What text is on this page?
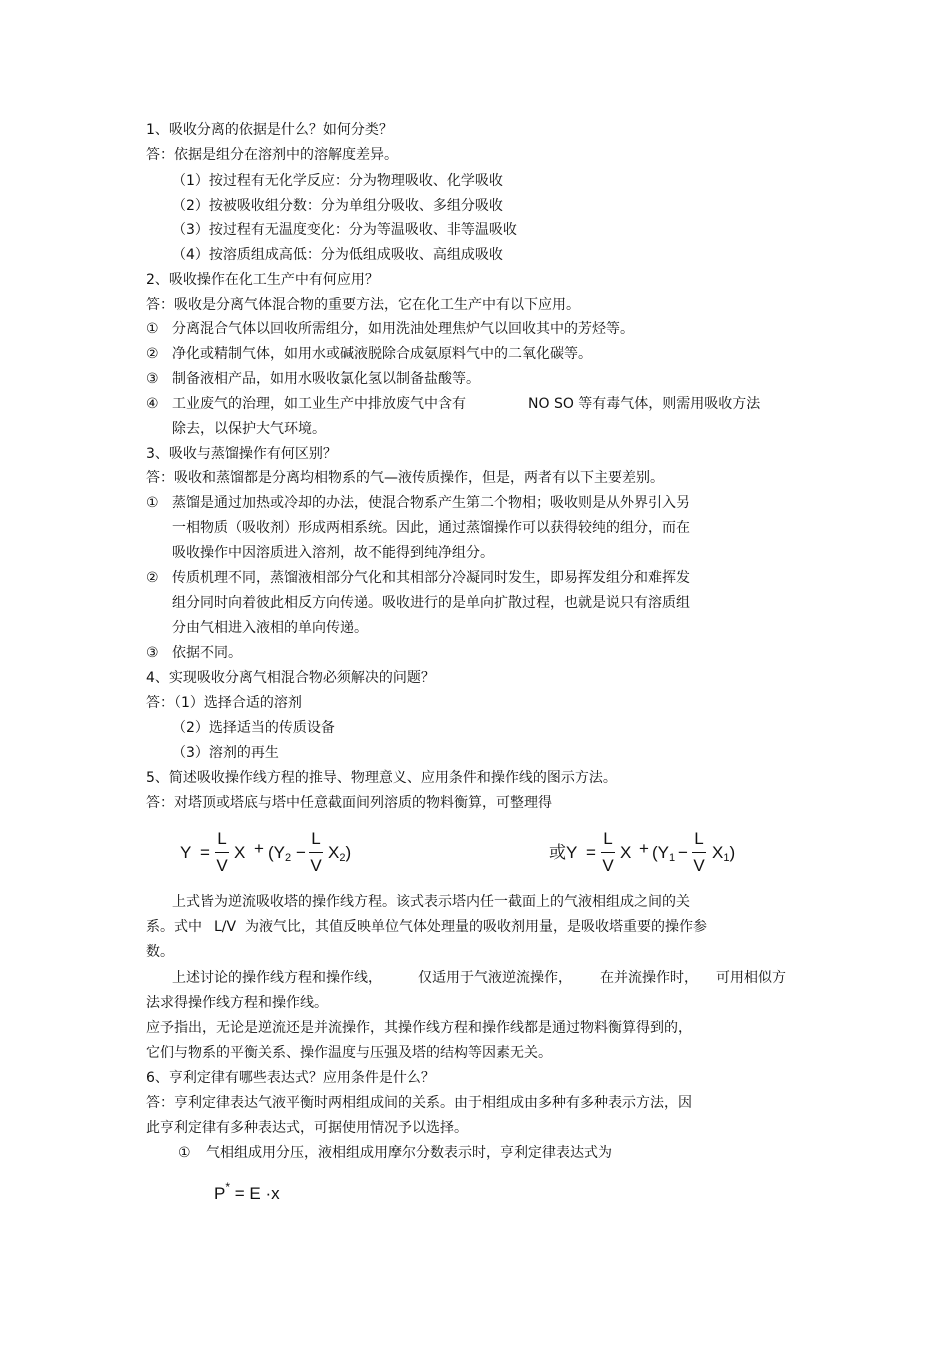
1、吸收分离的依据是什么？如何分类？

答：依据是组分在溶剂中的溶解度差异。

（1）按过程有无化学反应：分为物理吸收、化学吸收

（2）按被吸收组分数：分为单组分吸收、多组分吸收

（3）按过程有无温度变化：分为等温吸收、非等温吸收

（4）按溶质组成高低：分为低组成吸收、高组成吸收

2、吸收操作在化工生产中有何应用？

答：吸收是分离气体混合物的重要方法，它在化工生产中有以下应用。

① 分离混合气体以回收所需组分，如用洗油处理焦炉气以回收其中的芳烃等。

② 净化或精制气体，如用水或碱液脱除合成氨原料气中的二氧化碳等。

③ 制备液相产品，如用水吸收氯化氢以制备盐酸等。

④ 工业废气的治理，如工业生产中排放废气中含有	NO SO 等有毒气体，则需用吸收方法

除去，以保护大气环境。

3、吸收与蒸馏操作有何区别？

答：吸收和蒸馏都是分离均相物系的气—液传质操作，但是，两者有以下主要差别。

① 蒸馏是通过加热或冷却的办法，使混合物系产生第二个物相；吸收则是从外界引入另

一相物质（吸收剂）形成两相系统。因此，通过蒸馏操作可以获得较纯的组分，而在

吸收操作中因溶质进入溶剂，故不能得到纯净组分。

② 传质机理不同，蒸馏液相部分气化和其相部分冷凝同时发生，即易挥发组分和难挥发

组分同时向着彼此相反方向传递。吸收进行的是单向扩散过程，也就是说只有溶质组

分由气相进入液相的单向传递。

③ 依据不同。

4、实现吸收分离气相混合物必须解决的问题？

答：（1）选择合适的溶剂

（2）选择适当的传质设备

（3）溶剂的再生

5、简述吸收操作线方程的推导、物理意义、应用条件和操作线的图示方法。

答：对塔顶或塔底与塔中任意截面间列溶质的物料衡算，可整理得

Y =
L
V
X + (Y2 −
L
V
X2)	或Y =
L
V
X + (Y1 −
L
V
X1)

上式皆为逆流吸收塔的操作线方程。该式表示塔内任一截面上的气液相组成之间的关

系。式中 L/V 为液气比，其值反映单位气体处理量的吸收剂用量，是吸收塔重要的操作参

数。

上述讨论的操作线方程和操作线，	仅适用于气液逆流操作， 在并流操作时， 可用相似方

法求得操作线方程和操作线。

应予指出，无论是逆流还是并流操作，其操作线方程和操作线都是通过物料衡算得到的，

它们与物系的平衡关系、操作温度与压强及塔的结构等因素无关。

6、亨利定律有哪些表达式？应用条件是什么？

答：亨利定律表达气液平衡时两相组成间的关系。由于相组成由多种有多种表示方法，因

此亨利定律有多种表达式，可据使用情况予以选择。

① 气相组成用分压，液相组成用摩尔分数表示时，亨利定律表达式为

P* = E ·x
